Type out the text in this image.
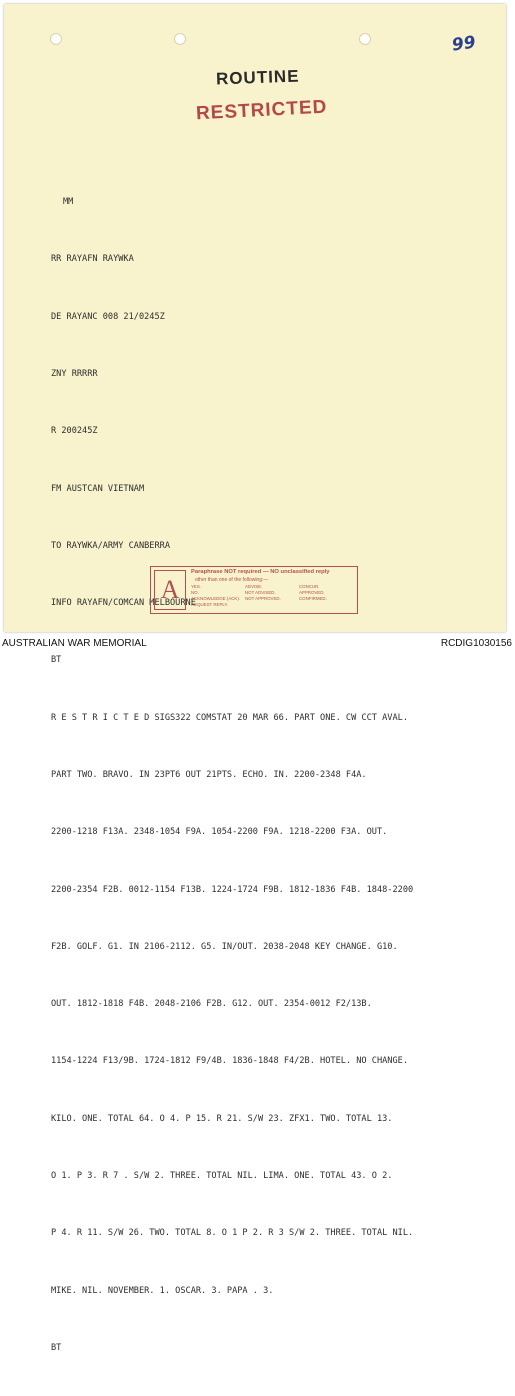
99
ROUTINE
RESTRICTED

MM

RR RAYAFN RAYWKA

DE RAYANC 008 21/0245Z

ZNY RRRRR

R 200245Z

FM AUSTCAN VIETNAM

TO RAYWKA/ARMY CANBERRA

INFO RAYAFN/COMCAN MELBOURNE

BT

R E S T R I C T E D SIGS322 COMSTAT 20 MAR 66. PART ONE. CW CCT AVAL.

PART TWO. BRAVO. IN 23PT6 OUT 21PTS. ECHO. IN. 2200-2348 F4A.

2200-1218 F13A. 2348-1054 F9A. 1054-2200 F9A. 1218-2200 F3A. OUT.

2200-2354 F2B. 0012-1154 F13B. 1224-1724 F9B. 1812-1836 F4B. 1848-2200

F2B. GOLF. G1. IN 2106-2112. G5. IN/OUT. 2038-2048 KEY CHANGE. G10.

OUT. 1812-1818 F4B. 2048-2106 F2B. G12. OUT. 2354-0012 F2/13B.

1154-1224 F13/9B. 1724-1812 F9/4B. 1836-1848 F4/2B. HOTEL. NO CHANGE.

KILO. ONE. TOTAL 64. O 4. P 15. R 21. S/W 23. ZFX1. TWO. TOTAL 13.

O 1. P 3. R 7 . S/W 2. THREE. TOTAL NIL. LIMA. ONE. TOTAL 43. O 2.

P 4. R 11. S/W 26. TWO. TOTAL 8. O 1 P 2. R 3 S/W 2. THREE. TOTAL NIL.

MIKE. NIL. NOVEMBER. 1. OSCAR. 3. PAPA . 3.

BT

A
Paraphrase NOT required — NO unclassified reply
other than one of the following:—
YES.	ADVISE.	CONCUR.
NO.	NOT ADVISED.	APPROVED.
ACKNOWLEDGE (ACK).	NOT APPROVED.	CONFIRMED.
REQUEST REPLY.
AUSTRALIAN WAR MEMORIAL	RCDIG1030156
